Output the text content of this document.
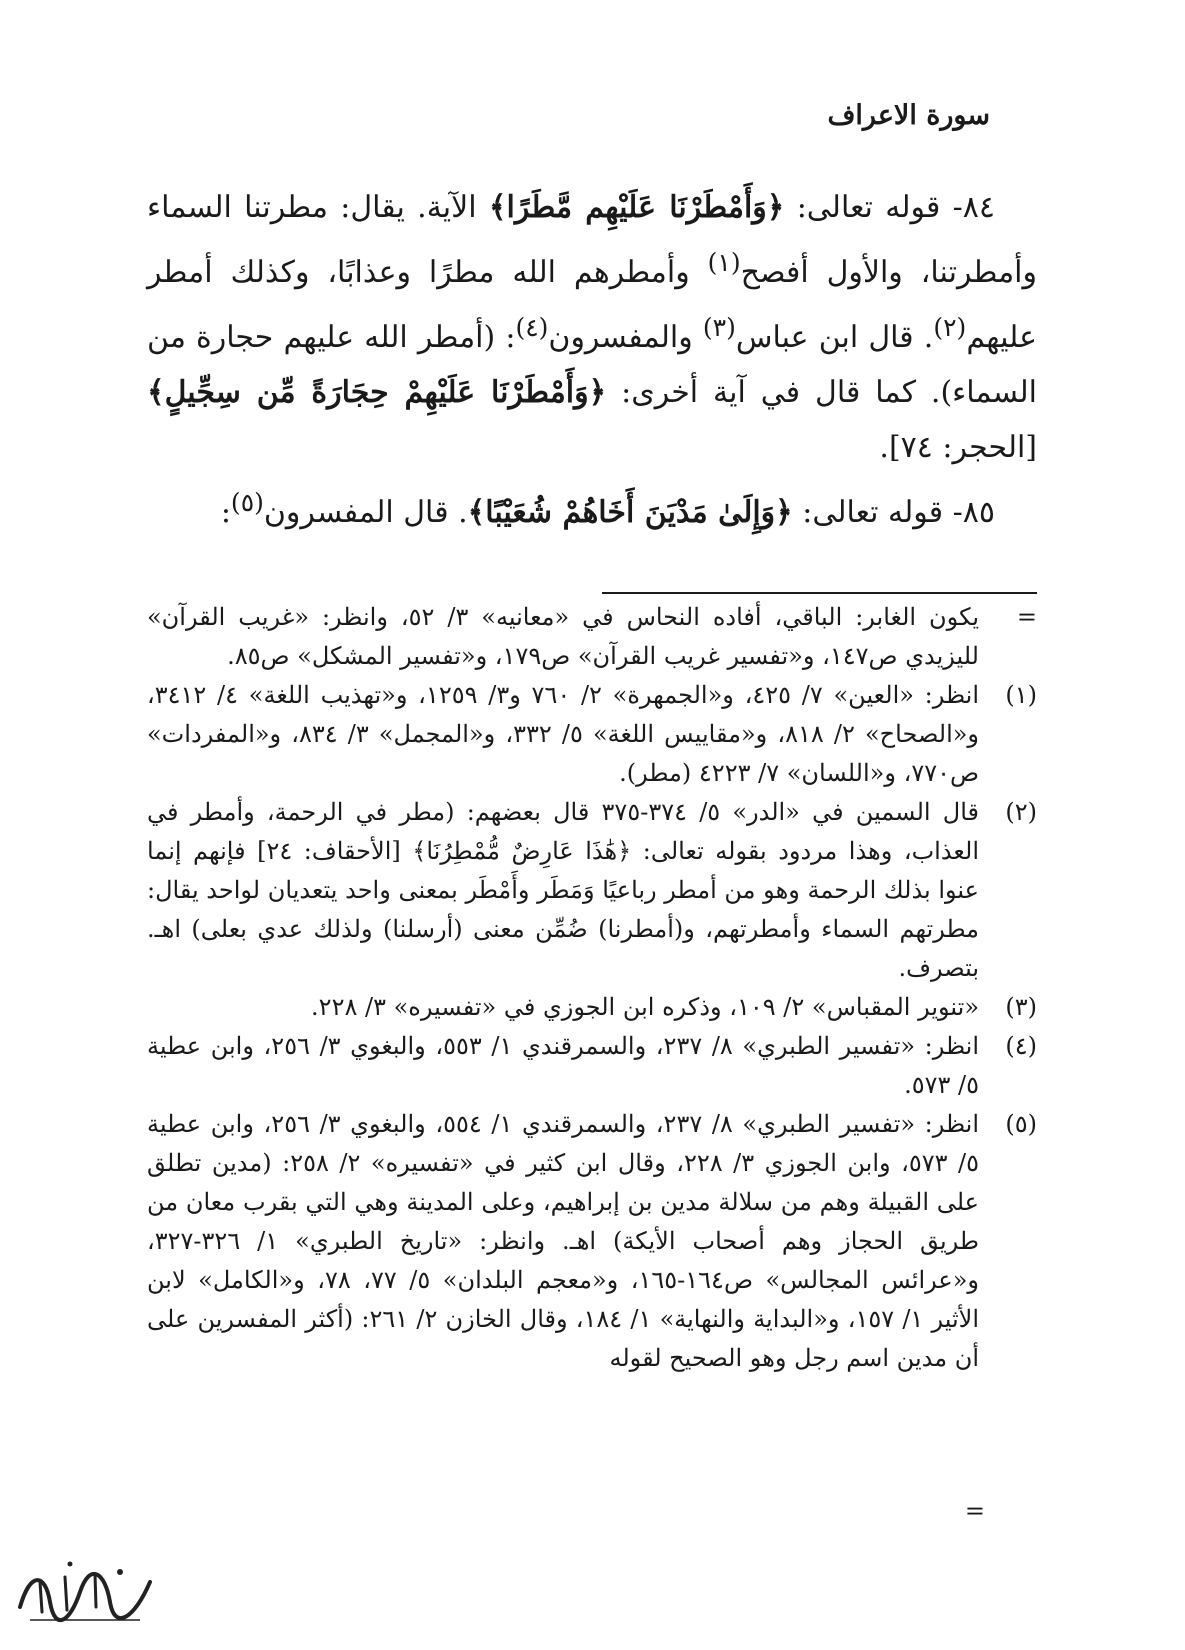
سورة الاعراف

٨٤- قوله تعالى: ﴿وَأَمْطَرْنَا عَلَيْهِم مَّطَرًا﴾ الآية. يقال: مطرتنا السماء وأمطرتنا، والأول أفصح$^{(١)}$ وأمطرهم الله مطرًا وعذابًا، وكذلك أمطر عليهم$^{(٢)}$. قال ابن عباس$^{(٣)}$ والمفسرون$^{(٤)}$: (أمطر الله عليهم حجارة من السماء). كما قال في آية أخرى: ﴿وَأَمْطَرْنَا عَلَيْهِمْ حِجَارَةً مِّن سِجِّيلٍ﴾ [الحجر: ٧٤].

٨٥- قوله تعالى: ﴿وَإِلَىٰ مَدْيَنَ أَخَاهُمْ شُعَيْبًا﴾. قال المفسرون$^{(٥)}$:

=
يكون الغابر: الباقي، أفاده النحاس في «معانيه» ٣/ ٥٢، وانظر: «غريب القرآن» لليزيدي ص١٤٧، و«تفسير غريب القرآن» ص١٧٩، و«تفسير المشكل» ص٨٥.
(١)
انظر: «العين» ٧/ ٤٢٥، و«الجمهرة» ٢/ ٧٦٠ و٣/ ١٢٥٩، و«تهذيب اللغة» ٤/ ٣٤١٢، و«الصحاح» ٢/ ٨١٨، و«مقاييس اللغة» ٥/ ٣٣٢، و«المجمل» ٣/ ٨٣٤، و«المفردات» ص٧٧٠، و«اللسان» ٧/ ٤٢٢٣ (مطر).
(٢)
قال السمين في «الدر» ٥/ ٣٧٤-٣٧٥ قال بعضهم: (مطر في الرحمة، وأمطر في العذاب، وهذا مردود بقوله تعالى: ﴿هَٰذَا عَارِضٌ مُّمْطِرُنَا﴾ [الأحقاف: ٢٤] فإنهم إنما عنوا بذلك الرحمة وهو من أمطر رباعيًا وَمَطَر وأَمْطَر بمعنى واحد يتعديان لواحد يقال: مطرتهم السماء وأمطرتهم، و(أمطرنا) ضُمِّن معنى (أرسلنا) ولذلك عدي بعلى) اهـ. بتصرف.
(٣)
«تنوير المقباس» ٢/ ١٠٩، وذكره ابن الجوزي في «تفسيره» ٣/ ٢٢٨.
(٤)
انظر: «تفسير الطبري» ٨/ ٢٣٧، والسمرقندي ١/ ٥٥٣، والبغوي ٣/ ٢٥٦، وابن عطية ٥/ ٥٧٣.
(٥)
انظر: «تفسير الطبري» ٨/ ٢٣٧، والسمرقندي ١/ ٥٥٤، والبغوي ٣/ ٢٥٦، وابن عطية ٥/ ٥٧٣، وابن الجوزي ٣/ ٢٢٨، وقال ابن كثير في «تفسيره» ٢/ ٢٥٨: (مدين تطلق على القبيلة وهم من سلالة مدين بن إبراهيم، وعلى المدينة وهي التي بقرب معان من طريق الحجاز وهم أصحاب الأيكة) اهـ. وانظر: «تاريخ الطبري» ١/ ٣٢٦-٣٢٧، و«عرائس المجالس» ص١٦٤-١٦٥، و«معجم البلدان» ٥/ ٧٧، ٧٨، و«الكامل» لابن الأثير ١/ ١٥٧، و«البداية والنهاية» ١/ ١٨٤، وقال الخازن ٢/ ٢٦١: (أكثر المفسرين على أن مدين اسم رجل وهو الصحيح لقوله
=
